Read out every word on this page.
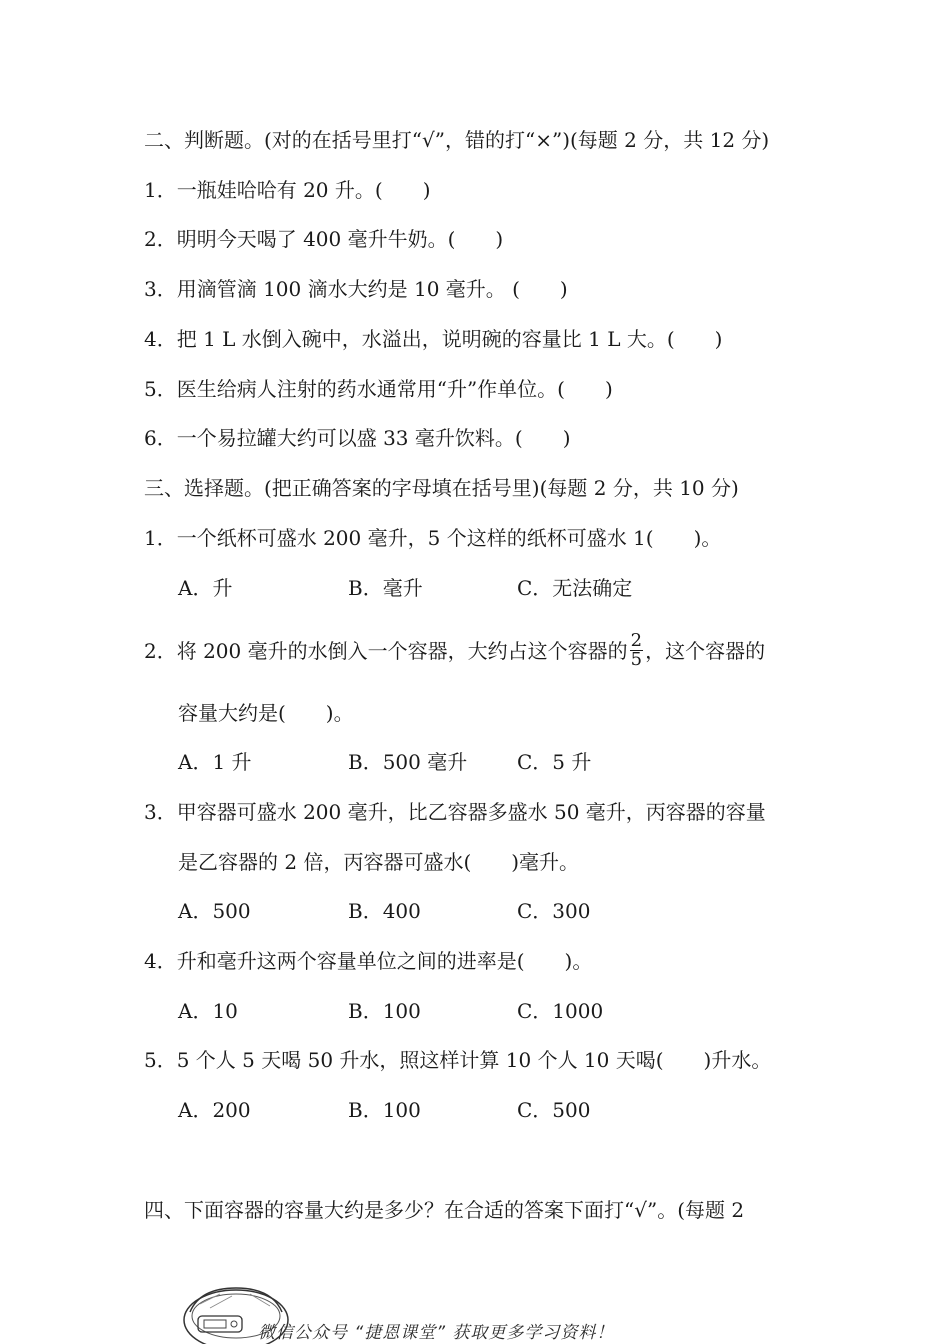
二、判断题。(对的在括号里打“√”，错的打“×”)(每题 2 分，共 12 分)
1．一瓶娃哈哈有 20 升。(　　)
2．明明今天喝了 400 毫升牛奶。(　　)
3．用滴管滴 100 滴水大约是 10 毫升。 (　　)
4．把 1 L 水倒入碗中，水溢出，说明碗的容量比 1 L 大。(　　)
5．医生给病人注射的药水通常用“升”作单位。(　　)
6．一个易拉罐大约可以盛 33 毫升饮料。(　　)
三、选择题。(把正确答案的字母填在括号里)(每题 2 分，共 10 分)
1．一个纸杯可盛水 200 毫升，5 个这样的纸杯可盛水 1(　　)。
A．升	B．毫升	C．无法确定
2．将 200 毫升的水倒入一个容器，大约占这个容器的 $\frac{2}{5}$ ，这个容器的
容量大约是(　　)。
A．1 升	B．500 毫升 C．5 升
3．甲容器可盛水 200 毫升，比乙容器多盛水 50 毫升，丙容器的容量
是乙容器的 2 倍，丙容器可盛水(　　)毫升。
A．500	B．400	C．300
4．升和毫升这两个容量单位之间的进率是(　　)。
A．10	B．100	C．1000
5．5 个人 5 天喝 50 升水，照这样计算 10 个人 10 天喝(　　)升水。
A．200	B．100	C．500
四、下面容器的容量大约是多少？在合适的答案下面打“√”。(每题 2
微信公众号 “捷恩课堂” 获取更多学习资料！
